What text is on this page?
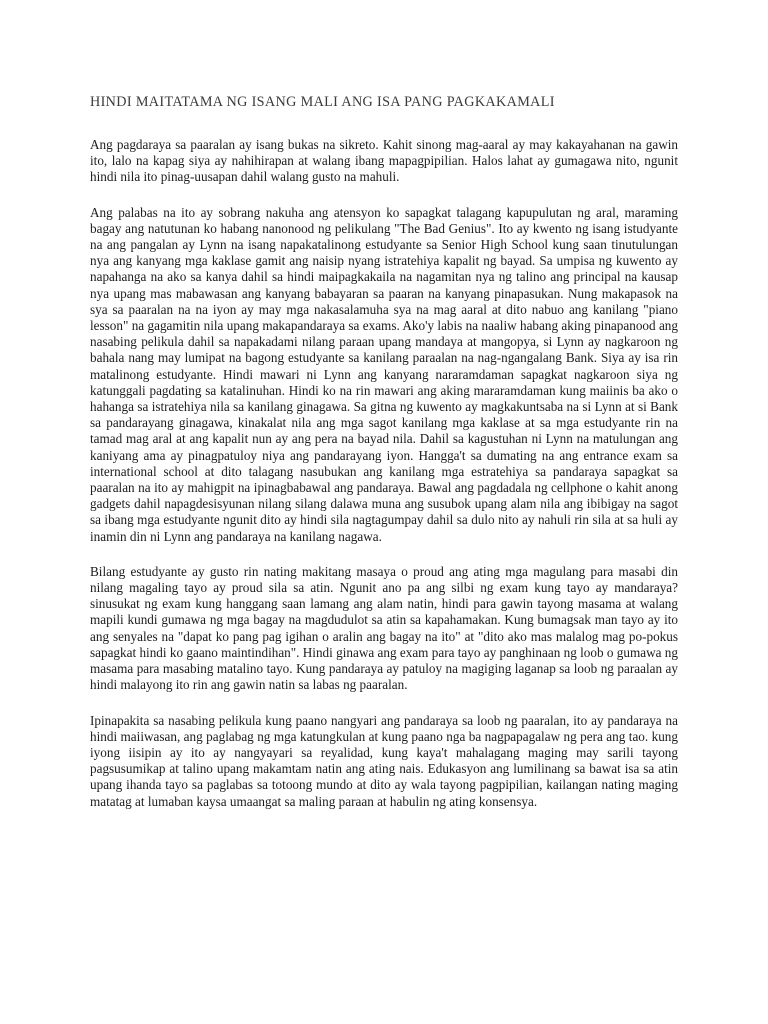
HINDI MAITATAMA NG ISANG MALI ANG ISA PANG PAGKAKAMALI

Ang pagdaraya sa paaralan ay isang bukas na sikreto. Kahit sinong mag-aaral ay may kakayahanan na gawin ito, lalo na kapag siya ay nahihirapan at walang ibang mapagpipilian. Halos lahat ay gumagawa nito, ngunit hindi nila ito pinag-uusapan dahil walang gusto na mahuli.

Ang palabas na ito ay sobrang nakuha ang atensyon ko sapagkat talagang kapupulutan ng aral, maraming bagay ang natutunan ko habang nanonood ng pelikulang "The Bad Genius". Ito ay kwento ng isang istudyante na ang pangalan ay Lynn na isang napakatalinong estudyante sa Senior High School kung saan tinutulungan nya ang kanyang mga kaklase gamit ang naisip nyang istratehiya kapalit ng bayad. Sa umpisa ng kuwento ay napahanga na ako sa kanya dahil sa hindi maipagkakaila na nagamitan nya ng talino ang principal na kausap nya upang mas mabawasan ang kanyang babayaran sa paaran na kanyang pinapasukan. Nung makapasok na sya sa paaralan na na iyon ay may mga nakasalamuha sya na mag aaral at dito nabuo ang kanilang "piano lesson" na gagamitin nila upang makapandaraya sa exams. Ako'y labis na naaliw habang aking pinapanood ang nasabing pelikula dahil sa napakadami nilang paraan upang mandaya at mangopya, si Lynn ay nagkaroon ng bahala nang may lumipat na bagong estudyante sa kanilang paraalan na nag-ngangalang Bank. Siya ay isa rin matalinong estudyante. Hindi mawari ni Lynn ang kanyang nararamdaman sapagkat nagkaroon siya ng katunggali pagdating sa katalinuhan. Hindi ko na rin mawari ang aking mararamdaman kung maiinis ba ako o hahanga sa istratehiya nila sa kanilang ginagawa. Sa gitna ng kuwento ay magkakuntsaba na si Lynn at si Bank sa pandarayang ginagawa, kinakalat nila ang mga sagot kanilang mga kaklase at sa mga estudyante rin na tamad mag aral at ang kapalit nun ay ang pera na bayad nila. Dahil sa kagustuhan ni Lynn na matulungan ang kaniyang ama ay pinagpatuloy niya ang pandarayang iyon. Hangga't sa dumating na ang entrance exam sa international school at dito talagang nasubukan ang kanilang mga estratehiya sa pandaraya sapagkat sa paaralan na ito ay mahigpit na ipinagbabawal ang pandaraya. Bawal ang pagdadala ng cellphone o kahit anong gadgets dahil napagdesisyunan nilang silang dalawa muna ang susubok upang alam nila ang ibibigay na sagot sa ibang mga estudyante ngunit dito ay hindi sila nagtagumpay dahil sa dulo nito ay nahuli rin sila at sa huli ay inamin din ni Lynn ang pandaraya na kanilang nagawa.

Bilang estudyante ay gusto rin nating makitang masaya o proud ang ating mga magulang para masabi din nilang magaling tayo ay proud sila sa atin. Ngunit ano pa ang silbi ng exam kung tayo ay mandaraya? sinusukat ng exam kung hanggang saan lamang ang alam natin, hindi para gawin tayong masama at walang mapili kundi gumawa ng mga bagay na magdudulot sa atin sa kapahamakan. Kung bumagsak man tayo ay ito ang senyales na "dapat ko pang pag igihan o aralin ang bagay na ito" at "dito ako mas malalog mag po-pokus sapagkat hindi ko gaano maintindihan". Hindi ginawa ang exam para tayo ay panghinaan ng loob o gumawa ng masama para masabing matalino tayo. Kung pandaraya ay patuloy na magiging laganap sa loob ng paraalan ay hindi malayong ito rin ang gawin natin sa labas ng paaralan.

Ipinapakita sa nasabing pelikula kung paano nangyari ang pandaraya sa loob ng paaralan, ito ay pandaraya na hindi maiiwasan, ang paglabag ng mga katungkulan at kung paano nga ba nagpapagalaw ng pera ang tao. kung iyong iisipin ay ito ay nangyayari sa reyalidad, kung kaya't mahalagang maging may sarili tayong pagsusumikap at talino upang makamtam natin ang ating nais. Edukasyon ang lumilinang sa bawat isa sa atin upang ihanda tayo sa paglabas sa totoong mundo at dito ay wala tayong pagpipilian, kailangan nating maging matatag at lumaban kaysa umaangat sa maling paraan at habulin ng ating konsensya.
